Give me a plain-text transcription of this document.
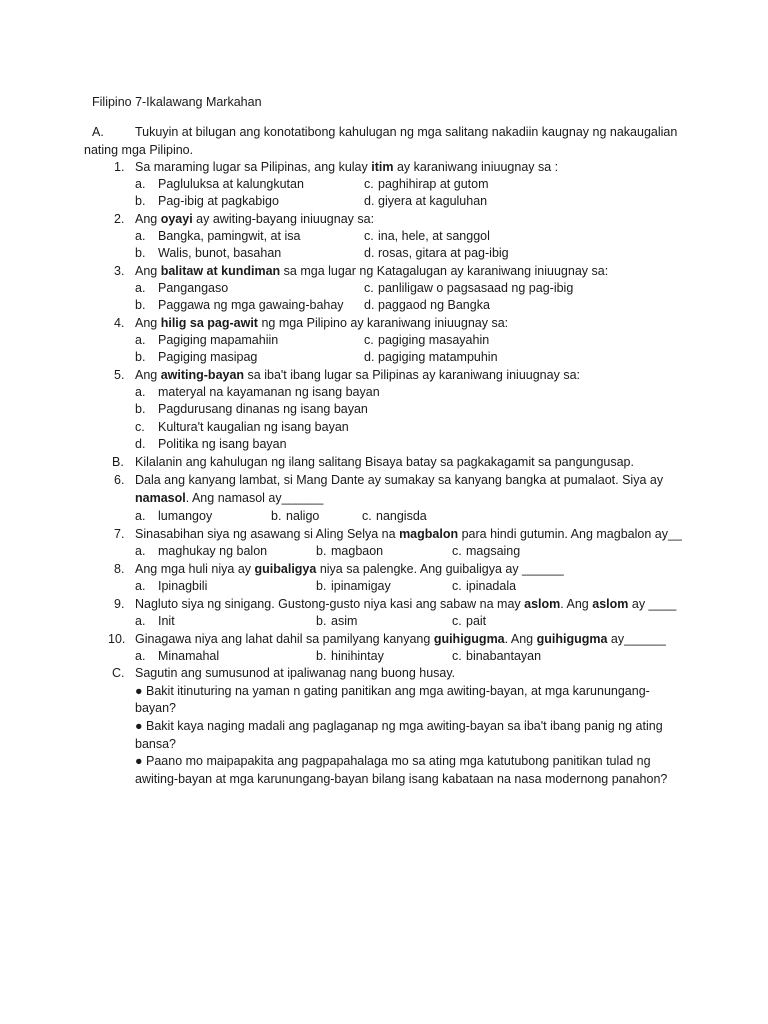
Filipino 7-Ikalawang Markahan
A. Tukuyin at bilugan ang konotatibong kahulugan ng mga salitang nakadiin kaugnay ng nakaugalian
nating mga Pilipino.
1. Sa maraming lugar sa Pilipinas, ang kulay itim ay karaniwang iniuugnay sa :
a. Pagluluksa at kalungkutan	c. paghihirap at gutom
b. Pag-ibig at pagkabigo	d. giyera at kaguluhan
2. Ang oyayi ay awiting-bayang iniuugnay sa:
a. Bangka, pamingwit, at isa	c. ina, hele, at sanggol
b. Walis, bunot, basahan	d. rosas, gitara at pag-ibig
3. Ang balitaw at kundiman sa mga lugar ng Katagalugan ay karaniwang iniuugnay sa:
a. Pangangaso	c. panliligaw o pagsasaad ng pag-ibig
b. Paggawa ng mga gawaing-bahay d. paggaod ng Bangka
4. Ang hilig sa pag-awit ng mga Pilipino ay karaniwang iniuugnay sa:
a. Pagiging mapamahiin	c. pagiging masayahin
b. Pagiging masipag	d. pagiging matampuhin
5. Ang awiting-bayan sa iba't ibang lugar sa Pilipinas ay karaniwang iniuugnay sa:
a. materyal na kayamanan ng isang bayan
b. Pagdurusang dinanas ng isang bayan
c. Kultura't kaugalian ng isang bayan
d. Politika ng isang bayan
B. Kilalanin ang kahulugan ng ilang salitang Bisaya batay sa pagkakagamit sa pangungusap.
6. Dala ang kanyang lambat, si Mang Dante ay sumakay sa kanyang bangka at pumalaot. Siya ay
namasol. Ang namasol ay______
a. lumangoy	b. naligo	c. nangisda
7. Sinasabihan siya ng asawang si Aling Selya na magbalon para hindi gutumin. Ang magbalon ay__
a. maghukay ng balon	b. magbaon	c. magsaing
8. Ang mga huli niya ay guibaligya niya sa palengke. Ang guibaligya ay ______
a. Ipinagbili	b. ipinamigay	c. ipinadala
9. Nagluto siya ng sinigang. Gustong-gusto niya kasi ang sabaw na may aslom. Ang aslom ay ____
a. Init	b. asim	c. pait
10. Ginagawa niya ang lahat dahil sa pamilyang kanyang guihigugma. Ang guihigugma ay______
a. Minamahal	b. hinihintay	c. binabantayan
C. Sagutin ang sumusunod at ipaliwanag nang buong husay.
● Bakit itinuturing na yaman n gating panitikan ang mga awiting-bayan, at mga karunungang-
bayan?
● Bakit kaya naging madali ang paglaganap ng mga awiting-bayan sa iba't ibang panig ng ating
bansa?
● Paano mo maipapakita ang pagpapahalaga mo sa ating mga katutubong panitikan tulad ng
awiting-bayan at mga karunungang-bayan bilang isang kabataan na nasa modernong panahon?
